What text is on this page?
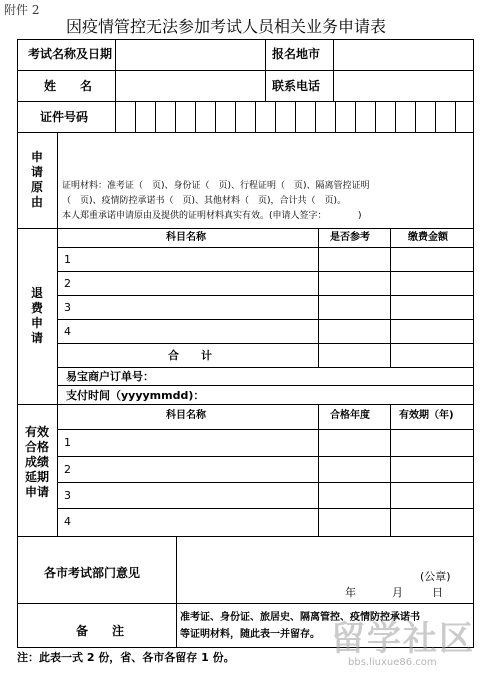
附件 2
因疫情管控无法参加考试人员相关业务申请表
考试名称及日期	报名地市
姓　　名	联系电话
证件号码
申
请
原
由
证明材料：准考证（　页)、身份证（　页)、行程证明（　页)、隔离管控证明
（　页)、疫情防控承诺书（　页)、其他材料（　页)，合计共（　页)。
本人郑重承诺申请原由及提供的证明材料真实有效。(申请人签字：　　　　)
退
费
申
请
科目名称	是否参考	缴费金额
1
2
3
4
合　　计
易宝商户订单号：
支付时间（yyyymmdd)：
有 效
合 格
成 绩
延 期
申 请
科目名称	合格年度	有效期（年)
1
2
3
4
各市考试部门意见	(公章)
年	月	日
备　　注
准考证、身份证、旅居史、隔离管控、疫情防控承诺书
等证明材料，随此表一并留存。
注：此表一式 2 份，省、各市各留存 1 份。	留学社区
bbs.liuxue86.com
